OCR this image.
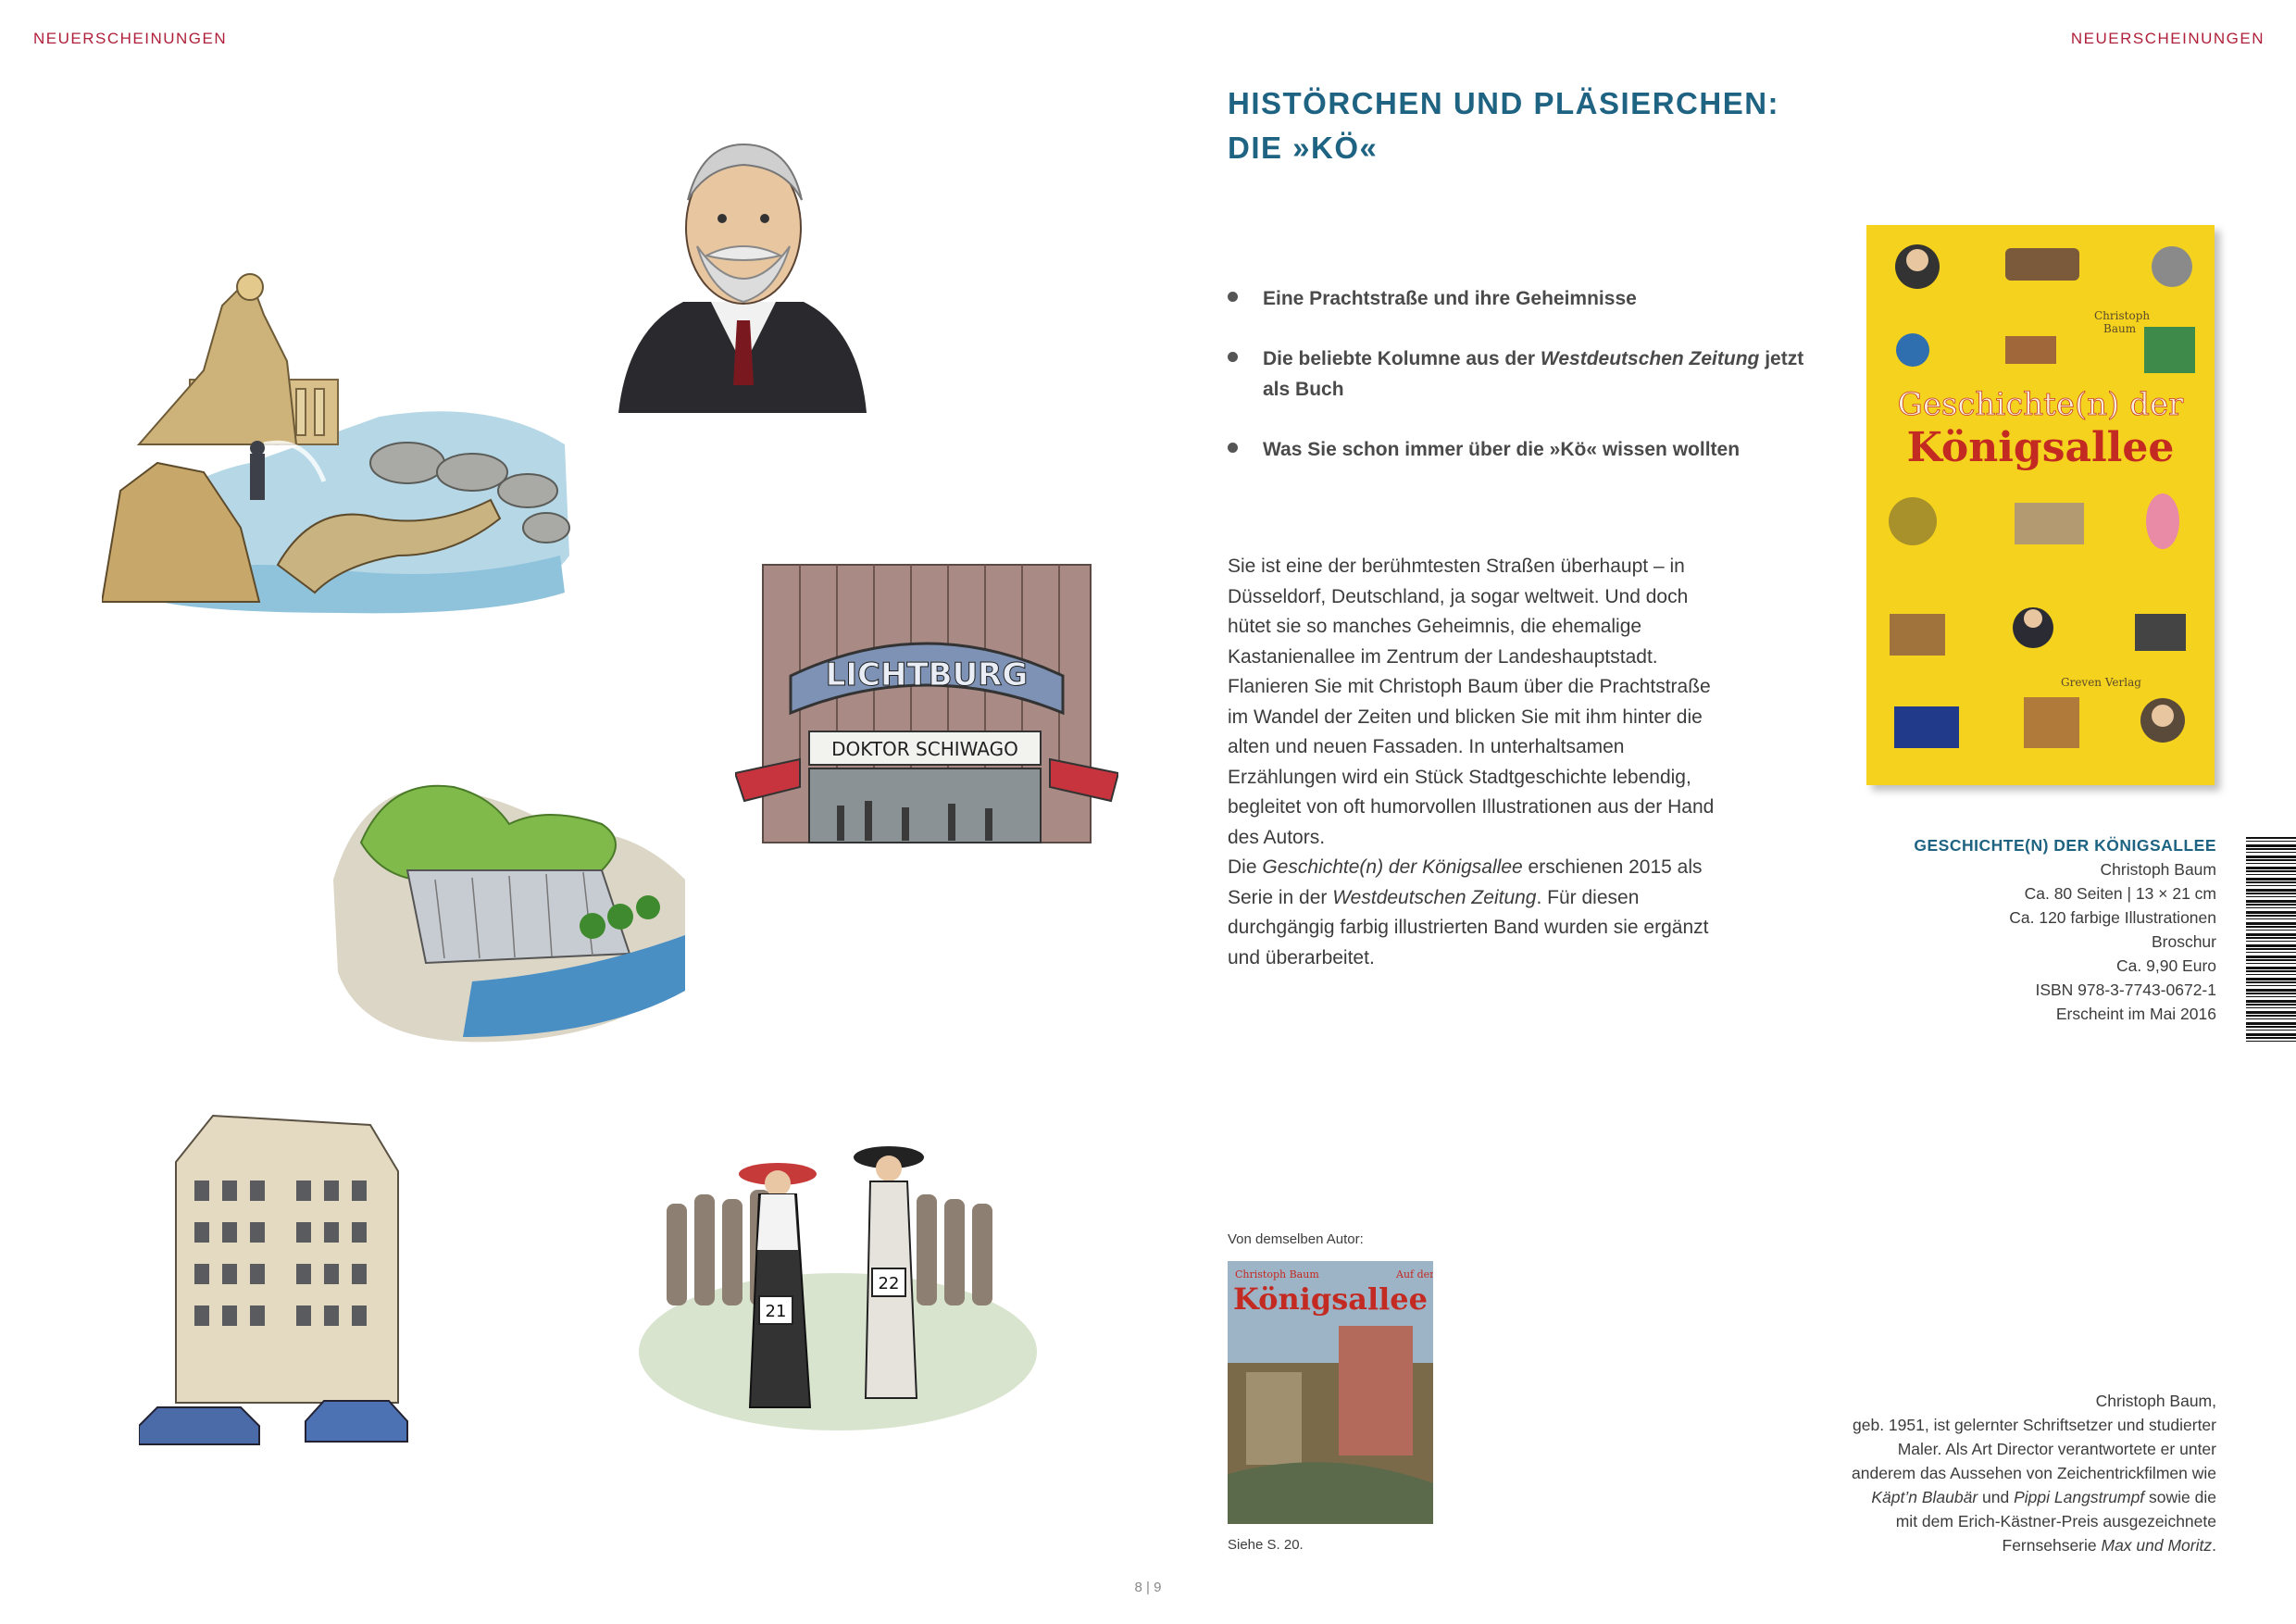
NEUERSCHEINUNGEN	NEUERSCHEINUNGEN
LICHTBURG
DOKTOR SCHIWAGO
21
22
HISTÖRCHEN UND PLÄSIERCHEN:
DIE »KÖ«
Eine Prachtstraße und ihre Geheimnisse
Die beliebte Kolumne aus der Westdeutschen Zeitung jetzt als Buch
Was Sie schon immer über die »Kö« wissen wollten

Sie ist eine der berühmtesten Straßen überhaupt – in Düsseldorf, Deutschland, ja sogar weltweit. Und doch hütet sie so manches Geheimnis, die ehemalige Kastanienallee im Zentrum der Landeshauptstadt. Flanieren Sie mit Christoph Baum über die Prachtstraße im Wandel der Zeiten und blicken Sie mit ihm hinter die alten und neuen Fassaden. In unterhaltsamen Erzählungen wird ein Stück Stadtgeschichte lebendig, begleitet von oft humorvollen Illustrationen aus der Hand des Autors.

Die Geschichte(n) der Königsallee erschienen 2015 als Serie in der Westdeutschen Zeitung. Für diesen durchgängig farbig illustrierten Band wurden sie ergänzt und überarbeitet.

Christoph
Baum
Geschichte(n) der
Königsallee
Greven Verlag
GESCHICHTE(N) DER KÖNIGSALLEE
Christoph Baum
Ca. 80 Seiten | 13 × 21 cm
Ca. 120 farbige Illustrationen
Broschur
Ca. 9,90 Euro
ISBN 978-3-7743-0672-1
Erscheint im Mai 2016
Von demselben Autor:
Christoph Baum	Auf der
Königsallee
Siehe S. 20.

Christoph Baum,

geb. 1951, ist gelernter Schriftsetzer und studierter Maler. Als Art Director verantwortete er unter anderem das Aussehen von Zeichentrickfilmen wie Käpt’n Blaubär und Pippi Langstrumpf sowie die mit dem Erich-Kästner-Preis ausgezeichnete Fernsehserie Max und Moritz.

8 | 9
